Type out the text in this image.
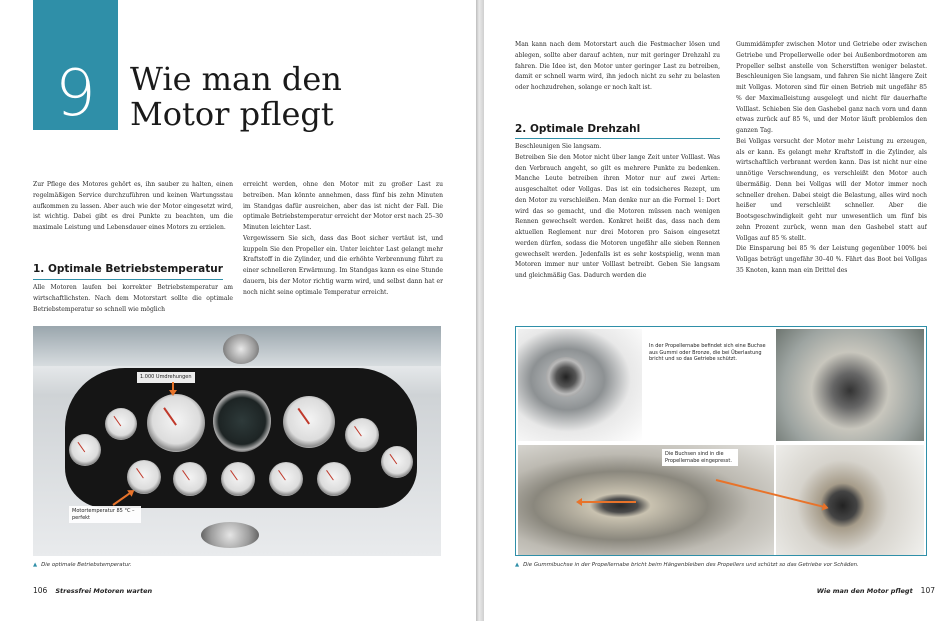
9	Wie man den Motor pflegt
Zur Pflege des Motores gehört es, ihn sauber zu halten, einen regelmäßigen Service durchzuführen und keinen Wartungsstau aufkommen zu lassen. Aber auch wie der Motor eingesetzt wird, ist wichtig. Dabei gibt es drei Punkte zu beachten, um die maximale Leistung und Lebensdauer eines Motors zu erzielen.
1. Optimale Betriebstemperatur
Alle Motoren laufen bei korrekter Betriebstemperatur am wirtschaftlichsten. Nach dem Motorstart sollte die optimale Betriebstemperatur so schnell wie möglich
erreicht werden, ohne den Motor mit zu großer Last zu betreiben. Man könnte annehmen, dass fünf bis zehn Minuten im Standgas dafür ausreichen, aber das ist nicht der Fall. Die optimale Betriebstemperatur erreicht der Motor erst nach 25–30 Minuten leichter Last.
Vergewissern Sie sich, dass das Boot sicher vertäut ist, und kuppeln Sie den Propeller ein. Unter leichter Last gelangt mehr Kraftstoff in die Zylinder, und die erhöhte Verbrennung führt zu einer schnelleren Erwärmung. Im Standgas kann es eine Stunde dauern, bis der Motor richtig warm wird, und selbst dann hat er noch nicht seine optimale Temperatur erreicht.
1.000 Umdrehungen
Motortemperatur 85 °C – perfekt
▲ Die optimale Betriebstemperatur.
106 Stressfrei Motoren warten
Man kann nach dem Motorstart auch die Festmacher lösen und ablegen, sollte aber darauf achten, nur mit geringer Drehzahl zu fahren. Die Idee ist, den Motor unter geringer Last zu betreiben, damit er schnell warm wird, ihn jedoch nicht zu sehr zu belasten oder hochzudrehen, solange er noch kalt ist.
2. Optimale Drehzahl
Beschleunigen Sie langsam.
Betreiben Sie den Motor nicht über lange Zeit unter Volllast. Was den Verbrauch angeht, so gilt es mehrere Punkte zu bedenken. Manche Leute betreiben ihren Motor nur auf zwei Arten: ausgeschaltet oder Vollgas. Das ist ein todsicheres Rezept, um den Motor zu verschleißen. Man denke nur an die Formel 1: Dort wird das so gemacht, und die Motoren müssen nach wenigen Rennen gewechselt werden. Konkret heißt das, dass nach dem aktuellen Reglement nur drei Motoren pro Saison eingesetzt werden dürfen, sodass die Motoren ungefähr alle sieben Rennen gewechselt werden. Jedenfalls ist es sehr kostspielig, wenn man Motoren immer nur unter Volllast betreibt. Geben Sie langsam und gleichmäßig Gas. Dadurch werden die
Gummidämpfer zwischen Motor und Getriebe oder zwischen Getriebe und Propellerwelle oder bei Außenbordmotoren am Propeller selbst anstelle von Scherstiften weniger belastet. Beschleunigen Sie langsam, und fahren Sie nicht längere Zeit mit Vollgas. Motoren sind für einen Betrieb mit ungefähr 85 % der Maximalleistung ausgelegt und nicht für dauerhafte Volllast. Schieben Sie den Gashebel ganz nach vorn und dann etwas zurück auf 85 %, und der Motor läuft problemlos den ganzen Tag.
Bei Vollgas versucht der Motor mehr Leistung zu erzeugen, als er kann. Es gelangt mehr Kraftstoff in die Zylinder, als wirtschaftlich verbrannt werden kann. Das ist nicht nur eine unnötige Verschwendung, es verschleißt den Motor auch übermäßig. Denn bei Vollgas will der Motor immer noch schneller drehen. Dabei steigt die Belastung, alles wird noch heißer und verschleißt schneller. Aber die Bootsgeschwindigkeit geht nur unwesentlich um fünf bis zehn Prozent zurück, wenn man den Gashebel statt auf Vollgas auf 85 % stellt.
Die Einsparung bei 85 % der Leistung gegenüber 100% bei Vollgas beträgt ungefähr 30–40 %. Fährt das Boot bei Vollgas 35 Knoten, kann man ein Drittel des
In der Propellernabe befindet sich eine Buchse aus Gummi oder Bronze, die bei Überlastung bricht und so das Getriebe schützt.
Die Buchsen sind in die Propellernabe eingepresst.
▲ Die Gummibuchse in der Propellernabe bricht beim Hängenbleiben des Propellers und schützt so das Getriebe vor Schäden.
Wie man den Motor pflegt 107
